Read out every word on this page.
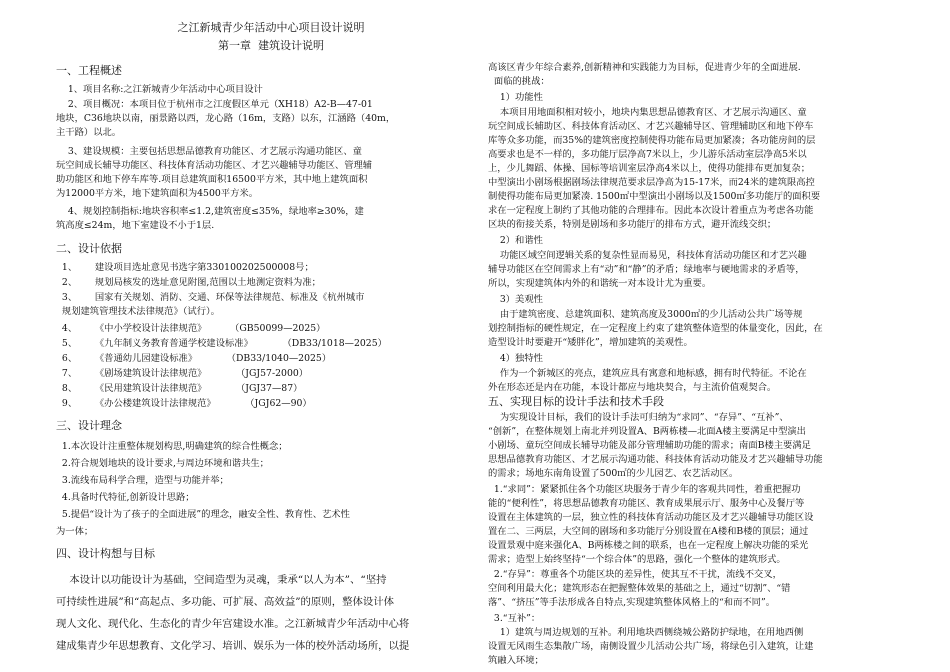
之江新城青少年活动中心项目设计说明
第一章  建筑设计说明
一、工程概述
1、项目名称:之江新城青少年活动中心项目设计
2、项目概况：本项目位于杭州市之江度假区单元（XH18）A2-B—47-01
地块，C36地块以南，丽景路以西，龙心路（16m，支路）以东，江涵路（40m，
主干路）以北。
3、建设规模：主要包括思想品德教育功能区、才艺展示沟通功能区、童
玩空间成长辅导功能区、科技体育活动功能区、才艺兴趣辅导功能区、管理辅
助功能区和地下停车库等.项目总建筑面积16500平方米，其中地上建筑面积
为12000平方米，地下建筑面积为4500平方米。
4、规划控制指标:地块容积率≤1.2,建筑密度≤35%，绿地率≥30%，建
筑高度≤24m，地下室建设不小于1层.
二、设计依据
1、      建设项目选址意见书选字第330100202500008号；
2、      规划局核发的选址意见附图,范围以土地测定资料为准；
3、      国家有关规划、消防、交通、环保等法律规范、标准及《杭州城市
规划建筑管理技术法律规范》（试行）。
4、      《中小学校设计法律规范》        （GB50099—2025）
5、      《九年制义务教育普通学校建设标准》          （DB33/1018—2025）
6、      《普通幼儿园建设标准》          （DB33/1040—2025）
7、      《剧场建筑设计法律规范》          （JGJ57-2000）
8、      《民用建筑设计法律规范》          （JGJ37—87）
9、      《办公楼建筑设计法律规范》          （JGJ62—90）
三、设计理念
1.本次设计注重整体规划构思,明确建筑的综合性概念；
2.符合规划地块的设计要求,与周边环境和谐共生；
3.流线布局科学合理，造型与功能并举；
4.具备时代特征,创新设计思路；
5.提倡“设计为了孩子的全面进展”的理念，融安全性、教育性、艺术性
为一体；
四、设计构想与目标
本设计以功能设计为基础，空间造型为灵魂，秉承“以人为本”、“坚持
可持续性进展”和“高起点、多功能、可扩展、高效益”的原则，整体设计体
现人文化、现代化、生态化的青少年宫建设水准。之江新城青少年活动中心将
建成集青少年思想教育、文化学习、培训、娱乐为一体的校外活动场所，以提
高该区青少年综合素养,创新精神和实践能力为目标，促进青少年的全面进展.
面临的挑战：
1）功能性
本项目用地面积相对较小，地块内集思想品德教育区、才艺展示沟通区、童
玩空间成长辅助区、科技体育活动区、才艺兴趣辅导区、管理辅助区和地下停车
库等众多功能，而35%的建筑密度控制使得功能布局更加紧凑；各功能房间的层
高要求也是不一样的，多功能厅层净高7米以上，少儿游乐活动室层净高5米以
上，少儿舞蹈、体操、国标等培训室层净高4米以上，使得功能排布更加复杂；
中型演出小剧场根据剧场法律规范要求层净高为15-17米，而24米的建筑限高控
制使得功能布局更加紧凑. 1500㎡中型演出小剧场以及1500㎡多功能厅的面积要
求在一定程度上制约了其他功能的合理排布。因此本次设计着重点为考虑各功能
区块的衔接关系，特别是剧场和多功能厅的排布方式，避开流线交织；
2）和谐性
功能区域空间逻辑关系的复杂性显而易见，科技体育活动功能区和才艺兴趣
辅导功能区在空间需求上有“动”和“静”的矛盾；绿地率与硬地需求的矛盾等，
所以，实现建筑体内外的和谐统一对本设计尤为重要。
3）美观性
由于建筑密度、总建筑面积、建筑高度及3000㎡的少儿活动公共广场等规
划控制指标的硬性规定，在一定程度上约束了建筑整体造型的体量变化，因此，在
造型设计时要避开“矮胖化”，增加建筑的美观性。
4）独特性
作为一个新城区的亮点，建筑应具有寓意和地标感，拥有时代特征。不论在
外在形态还是内在功能，本设计都应与地块契合，与主流价值观契合。
五、实现目标的设计手法和技术手段
为实现设计目标，我们的设计手法可归纳为“求同”、“存异”、“互补”、
“创新”，在整体规划上南北并列设置A、B两栋楼—北面A楼主要满足中型演出
小剧场、童玩空间成长辅导功能及部分管理辅助功能的需求；南面B楼主要满足
思想品德教育功能区、才艺展示沟通功能、科技体育活动功能及才艺兴趣辅导功能
的需求；场地东南角设置了500㎡的少儿园艺、农艺活动区。
1.“求同”：紧紧抓住各个功能区块服务于青少年的客观共同性，着重把握功
能的“便利性”，将思想品德教育功能区、教育成果展示厅、服务中心及餐厅等
设置在主体建筑的一层，独立性的科技体育活动功能区及才艺兴趣辅导功能区设
置在二、三两层，大空间的剧场和多功能厅分别设置在A楼和B楼的顶层；通过
设置景观中庭来强化A、B两栋楼之间的联系，也在一定程度上解决功能的采光
需求；造型上始终坚持“一个综合体”的思路，强化一个整体的建筑形式。
2.“存异”：尊重各个功能区块的差异性，使其互不干扰，流线不交叉，
空间利用最大化；建筑形态在把握整体效果的基础之上，通过“切割”、“错
落”、“挤压”等手法形成各自特点,实现建筑整体风格上的“和而不同”。
3.“互补”：
1）建筑与周边规划的互补。利用地块西侧绕城公路防护绿地，在用地西侧
设置无风雨生态集散广场，南侧设置少儿活动公共广场，将绿色引入建筑，让建
筑融入环境；
